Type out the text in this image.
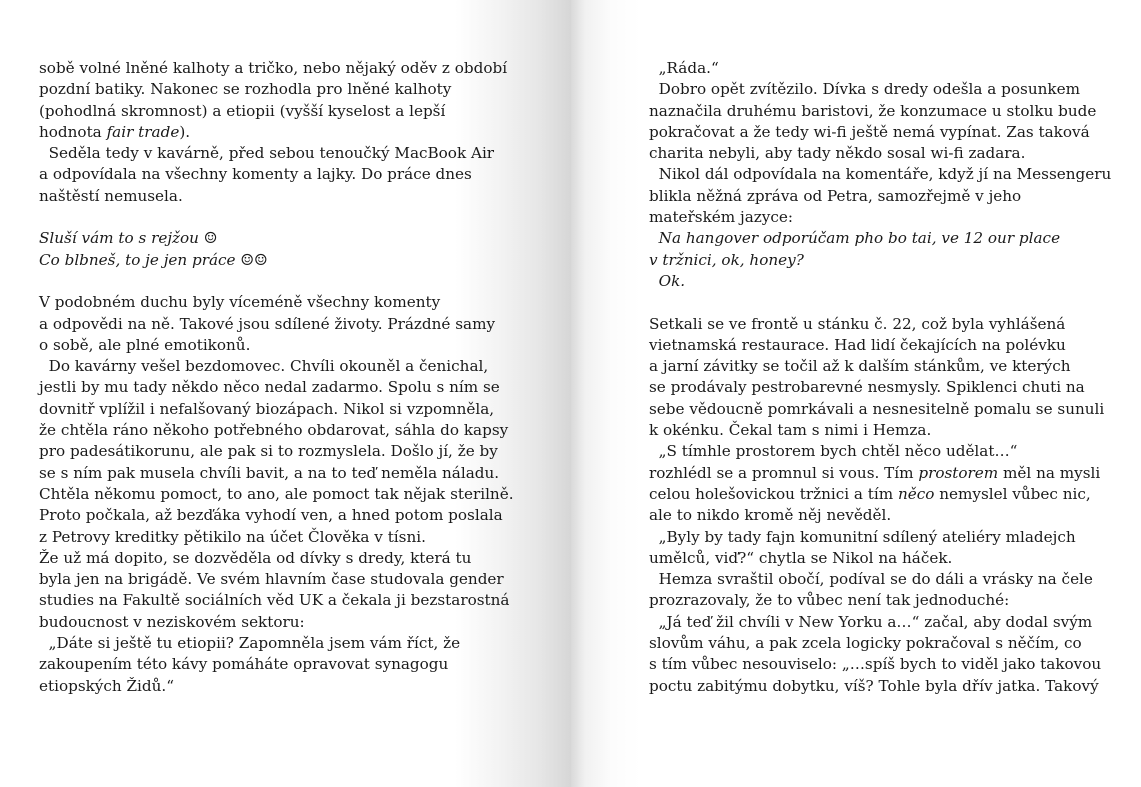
sobě volné lněné kalhoty a tričko, nebo nějaký oděv z období
pozdní batiky. Nakonec se rozhodla pro lněné kalhoty
(pohodlná skromnost) a etiopii (vyšší kyselost a lepší
hodnota fair trade).
Seděla tedy v kavárně, před sebou tenoučký MacBook Air
a odpovídala na všechny komenty a lajky. Do práce dnes
naštěstí nemusela.
Sluší vám to s rejžou ☺
Co blbneš, to je jen práce ☺☺
V podobném duchu byly víceméně všechny komenty
a odpovědi na ně. Takové jsou sdílené životy. Prázdné samy
o sobě, ale plné emotikonů.
Do kavárny vešel bezdomovec. Chvíli okouněl a čenichal,
jestli by mu tady někdo něco nedal zadarmo. Spolu s ním se
dovnitř vplížil i nefalšovaný biozápach. Nikol si vzpomněla,
že chtěla ráno někoho potřebného obdarovat, sáhla do kapsy
pro padesátikorunu, ale pak si to rozmyslela. Došlo jí, že by
se s ním pak musela chvíli bavit, a na to teď neměla náladu.
Chtěla někomu pomoct, to ano, ale pomoct tak nějak sterilně.
Proto počkala, až bezďáka vyhodí ven, a hned potom poslala
z Petrovy kreditky pětikilo na účet Člověka v tísni.
Že už má dopito, se dozvěděla od dívky s dredy, která tu
byla jen na brigádě. Ve svém hlavním čase studovala gender
studies na Fakultě sociálních věd UK a čekala ji bezstarostná
budoucnost v neziskovém sektoru:
„Dáte si ještě tu etiopii? Zapomněla jsem vám říct, že
zakoupením této kávy pomáháte opravovat synagogu
etiopských Židů.“
„Ráda.“
Dobro opět zvítězilo. Dívka s dredy odešla a posunkem
naznačila druhému baristovi, že konzumace u stolku bude
pokračovat a že tedy wi-fi ještě nemá vypínat. Zas taková
charita nebyli, aby tady někdo sosal wi-fi zadara.
Nikol dál odpovídala na komentáře, když jí na Messengeru
blikla něžná zpráva od Petra, samozřejmě v jeho
mateřském jazyce:
Na hangover odporúčam pho bo tai, ve 12 our place
v tržnici, ok, honey?
Ok.
Setkali se ve frontě u stánku č. 22, což byla vyhlášená
vietnamská restaurace. Had lidí čekajících na polévku
a jarní závitky se točil až k dalším stánkům, ve kterých
se prodávaly pestrobarevné nesmysly. Spiklenci chuti na
sebe vědoucně pomrkávali a nesnesitelně pomalu se sunuli
k okénku. Čekal tam s nimi i Hemza.
„S tímhle prostorem bych chtěl něco udělat…“
rozhlédl se a promnul si vous. Tím prostorem měl na mysli
celou holešovickou tržnici a tím něco nemyslel vůbec nic,
ale to nikdo kromě něj nevěděl.
„Byly by tady fajn komunitní sdílený ateliéry mladejch
umělců, viď?“ chytla se Nikol na háček.
Hemza svraštil obočí, podíval se do dáli a vrásky na čele
prozrazovaly, že to vůbec není tak jednoduché:
„Já teď žil chvíli v New Yorku a…“ začal, aby dodal svým
slovům váhu, a pak zcela logicky pokračoval s něčím, co
s tím vůbec nesouviselo: „…spíš bych to viděl jako takovou
poctu zabitýmu dobytku, víš? Tohle byla dřív jatka. Takový
